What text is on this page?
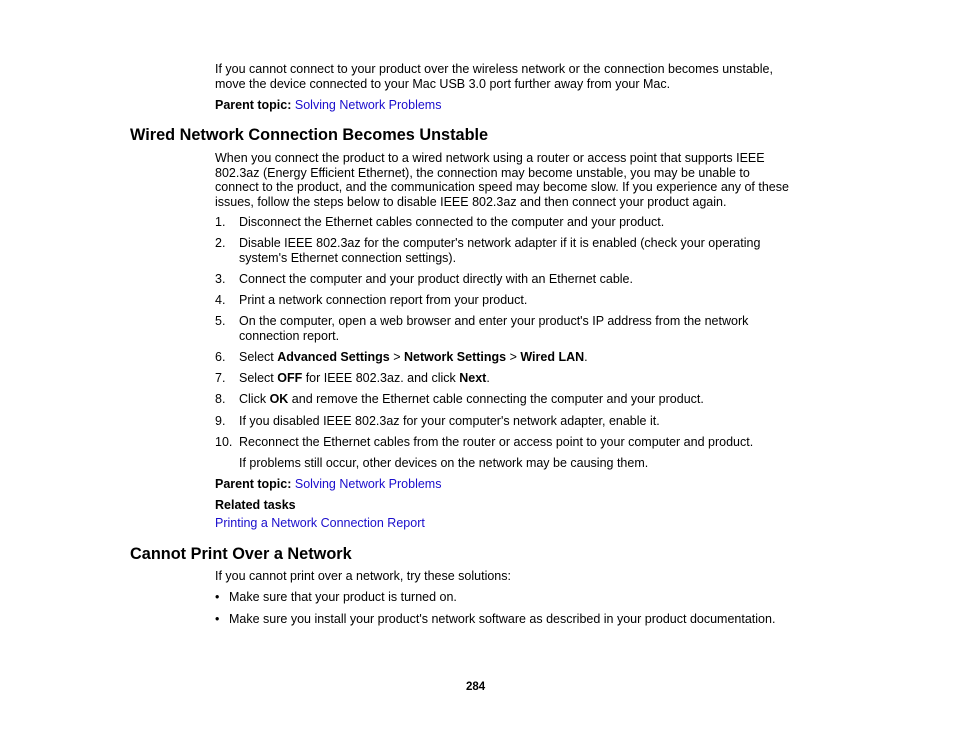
If you cannot connect to your product over the wireless network or the connection becomes unstable,
move the device connected to your Mac USB 3.0 port further away from your Mac.
Parent topic: Solving Network Problems
Wired Network Connection Becomes Unstable
When you connect the product to a wired network using a router or access point that supports IEEE
802.3az (Energy Efficient Ethernet), the connection may become unstable, you may be unable to
connect to the product, and the communication speed may become slow. If you experience any of these
issues, follow the steps below to disable IEEE 802.3az and then connect your product again.
1. Disconnect the Ethernet cables connected to the computer and your product.
2. Disable IEEE 802.3az for the computer's network adapter if it is enabled (check your operating
system's Ethernet connection settings).
3. Connect the computer and your product directly with an Ethernet cable.
4. Print a network connection report from your product.
5. On the computer, open a web browser and enter your product's IP address from the network
connection report.
6. Select Advanced Settings > Network Settings > Wired LAN.
7. Select OFF for IEEE 802.3az. and click Next.
8. Click OK and remove the Ethernet cable connecting the computer and your product.
9. If you disabled IEEE 802.3az for your computer's network adapter, enable it.
10. Reconnect the Ethernet cables from the router or access point to your computer and product.
If problems still occur, other devices on the network may be causing them.
Parent topic: Solving Network Problems
Related tasks
Printing a Network Connection Report
Cannot Print Over a Network
If you cannot print over a network, try these solutions:
• Make sure that your product is turned on.
• Make sure you install your product's network software as described in your product documentation.
284
